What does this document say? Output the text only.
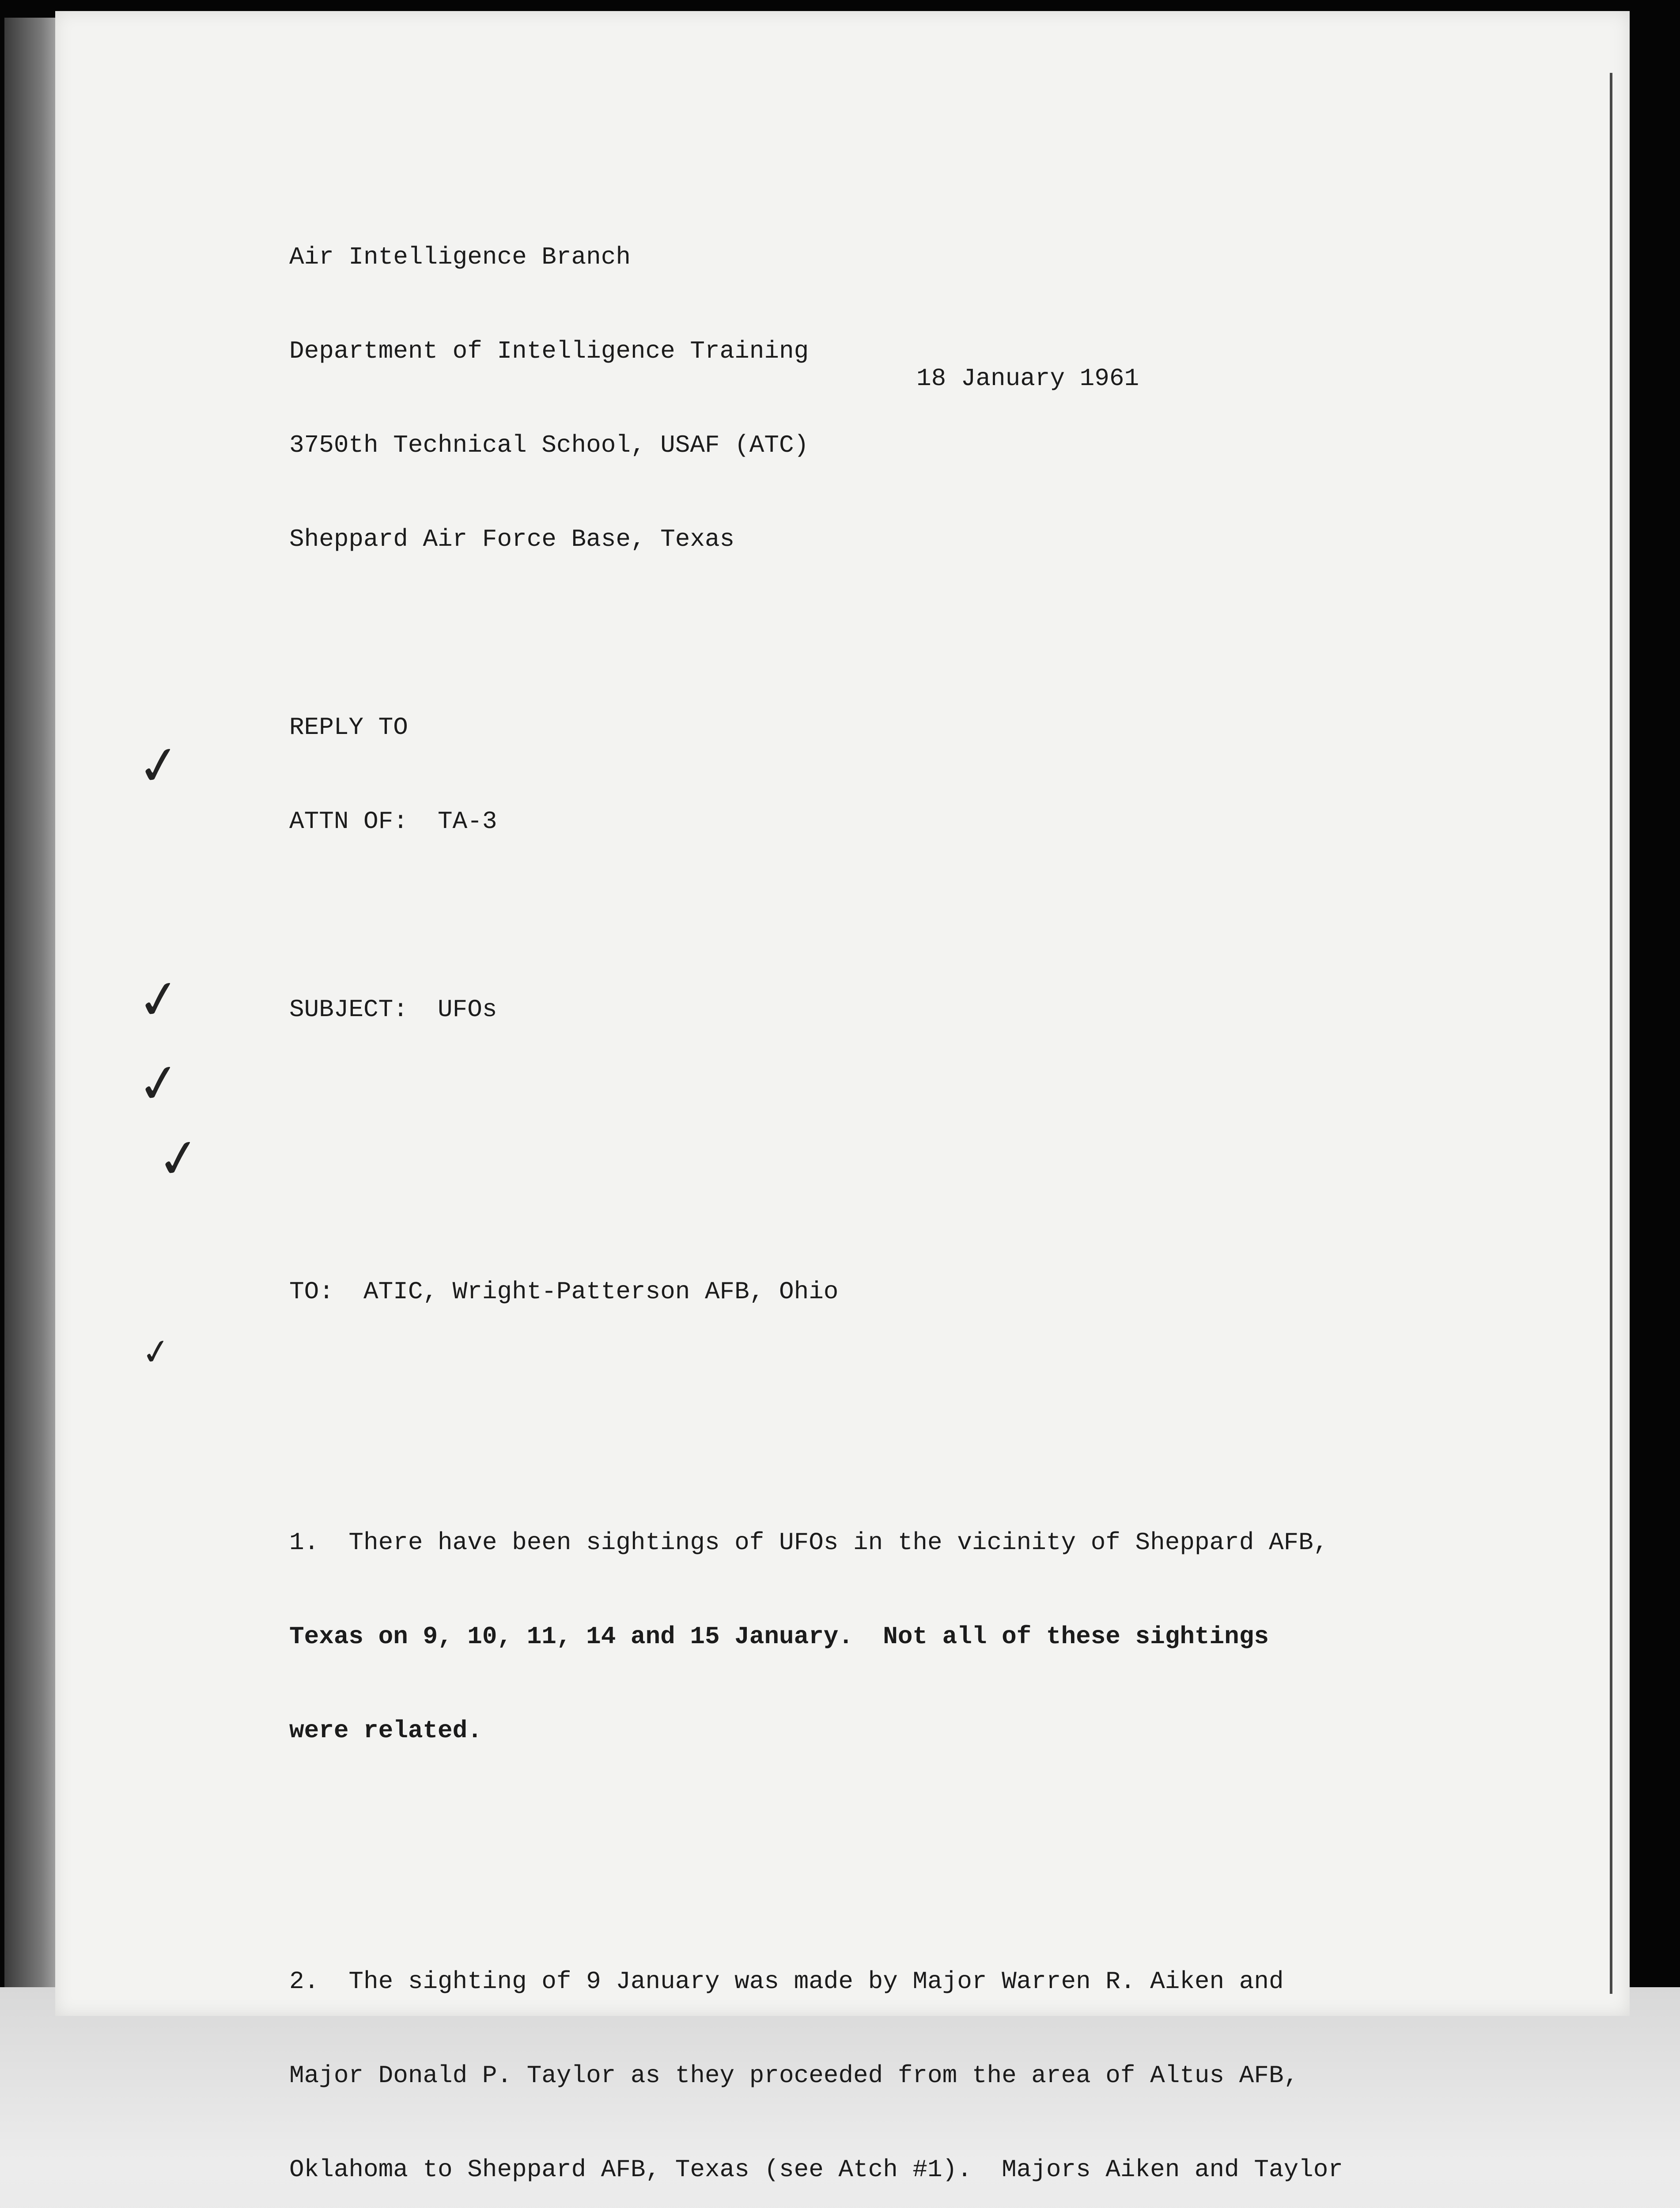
✓
✓
✓
✓
✓
18 January 1961

Air Intelligence Branch

Department of Intelligence Training

3750th Technical School, USAF (ATC)

Sheppard Air Force Base, Texas

REPLY TO

ATTN OF:  TA-3

SUBJECT:  UFOs

TO:  ATIC, Wright-Patterson AFB, Ohio

1.  There have been sightings of UFOs in the vicinity of Sheppard AFB,

Texas on 9, 10, 11, 14 and 15 January.  Not all of these sightings

were related.

2.  The sighting of 9 January was made by Major Warren R. Aiken and

Major Donald P. Taylor as they proceeded from the area of Altus AFB,

Oklahoma to Sheppard AFB, Texas (see Atch #1).  Majors Aiken and Taylor
